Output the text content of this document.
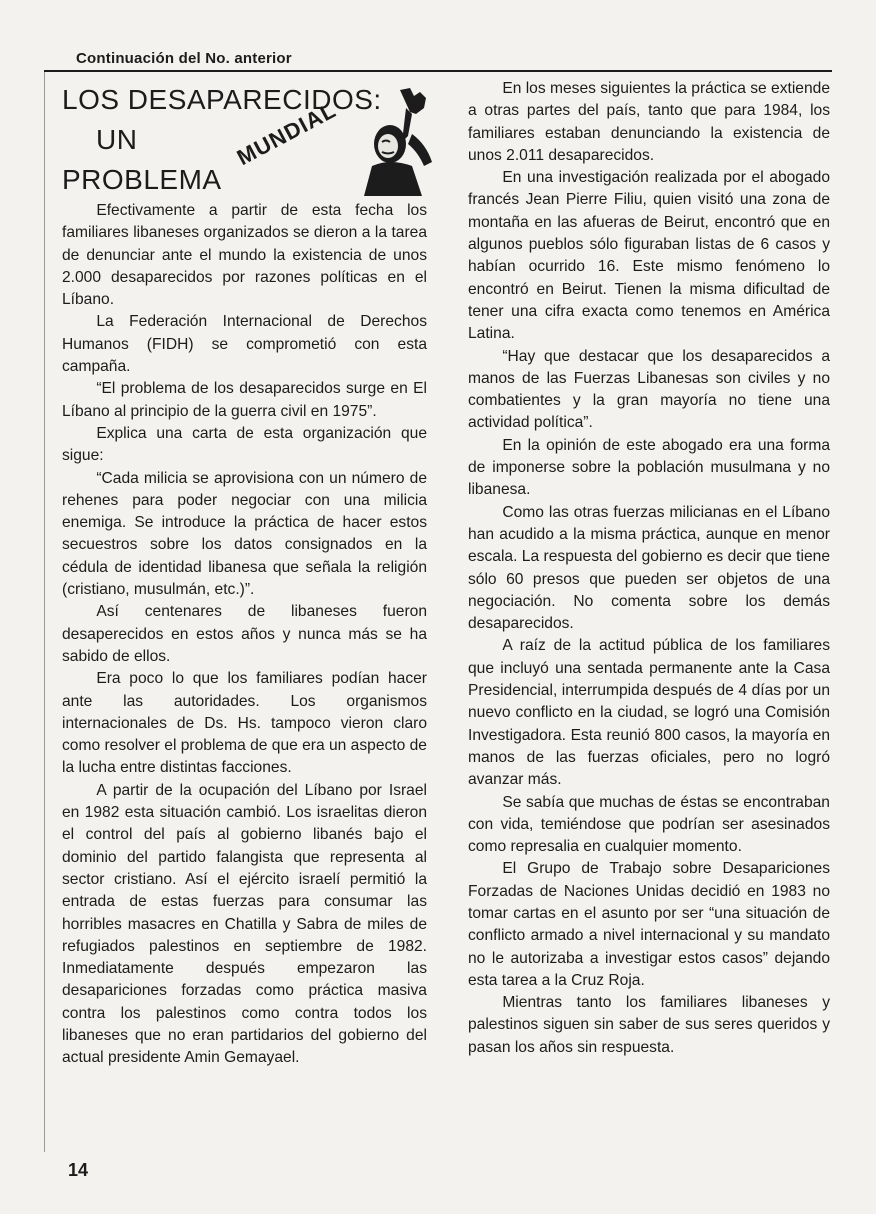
Continuación del No. anterior
LOS DESAPARECIDOS:
UN
PROBLEMA
MUNDIAL

Efectivamente a partir de esta fecha los familiares libaneses organizados se dieron a la tarea de denunciar ante el mundo la existencia de unos 2.000 desaparecidos por razones políticas en el Líbano.

La Federación Internacional de Derechos Humanos (FIDH) se comprometió con esta campaña.

“El problema de los desaparecidos surge en El Líbano al principio de la guerra civil en 1975”.

Explica una carta de esta organización que sigue:

“Cada milicia se aprovisiona con un número de rehenes para poder negociar con una milicia enemiga. Se introduce la práctica de hacer estos secuestros sobre los datos consignados en la cédula de identidad libanesa que señala la religión (cristiano, musulmán, etc.)”.

Así centenares de libaneses fueron desaperecidos en estos años y nunca más se ha sabido de ellos.

Era poco lo que los familiares podían hacer ante las autoridades. Los organismos internacionales de Ds. Hs. tampoco vieron claro como resolver el problema de que era un aspecto de la lucha entre distintas facciones.

A partir de la ocupación del Líbano por Israel en 1982 esta situación cambió. Los israelitas dieron el control del país al gobierno libanés bajo el dominio del partido falangista que representa al sector cristiano. Así el ejército israelí permitió la entrada de estas fuerzas para consumar las horribles masacres en Chatilla y Sabra de miles de refugiados palestinos en septiembre de 1982. Inmediatamente después empezaron las desapariciones forzadas como práctica masiva contra los palestinos como contra todos los libaneses que no eran partidarios del gobierno del actual presidente Amin Gemayael.

En los meses siguientes la práctica se extiende a otras partes del país, tanto que para 1984, los familiares estaban denunciando la existencia de unos 2.011 desaparecidos.

En una investigación realizada por el abogado francés Jean Pierre Filiu, quien visitó una zona de montaña en las afueras de Beirut, encontró que en algunos pueblos sólo figuraban listas de 6 casos y habían ocurrido 16. Este mismo fenómeno lo encontró en Beirut. Tienen la misma dificultad de tener una cifra exacta como tenemos en América Latina.

“Hay que destacar que los desaparecidos a manos de las Fuerzas Libanesas son civiles y no combatientes y la gran mayoría no tiene una actividad política”.

En la opinión de este abogado era una forma de imponerse sobre la población musulmana y no libanesa.

Como las otras fuerzas milicianas en el Líbano han acudido a la misma práctica, aunque en menor escala. La respuesta del gobierno es decir que tiene sólo 60 presos que pueden ser objetos de una negociación. No comenta sobre los demás desaparecidos.

A raíz de la actitud pública de los familiares que incluyó una sentada permanente ante la Casa Presidencial, interrumpida después de 4 días por un nuevo conflicto en la ciudad, se logró una Comisión Investigadora. Esta reunió 800 casos, la mayoría en manos de las fuerzas oficiales, pero no logró avanzar más.

Se sabía que muchas de éstas se encontraban con vida, temiéndose que podrían ser asesinados como represalia en cualquier momento.

El Grupo de Trabajo sobre Desapariciones Forzadas de Naciones Unidas decidió en 1983 no tomar cartas en el asunto por ser “una situación de conflicto armado a nivel internacional y su mandato no le autorizaba a investigar estos casos” dejando esta tarea a la Cruz Roja.

Mientras tanto los familiares libaneses y palestinos siguen sin saber de sus seres queridos y pasan los años sin respuesta.

14
